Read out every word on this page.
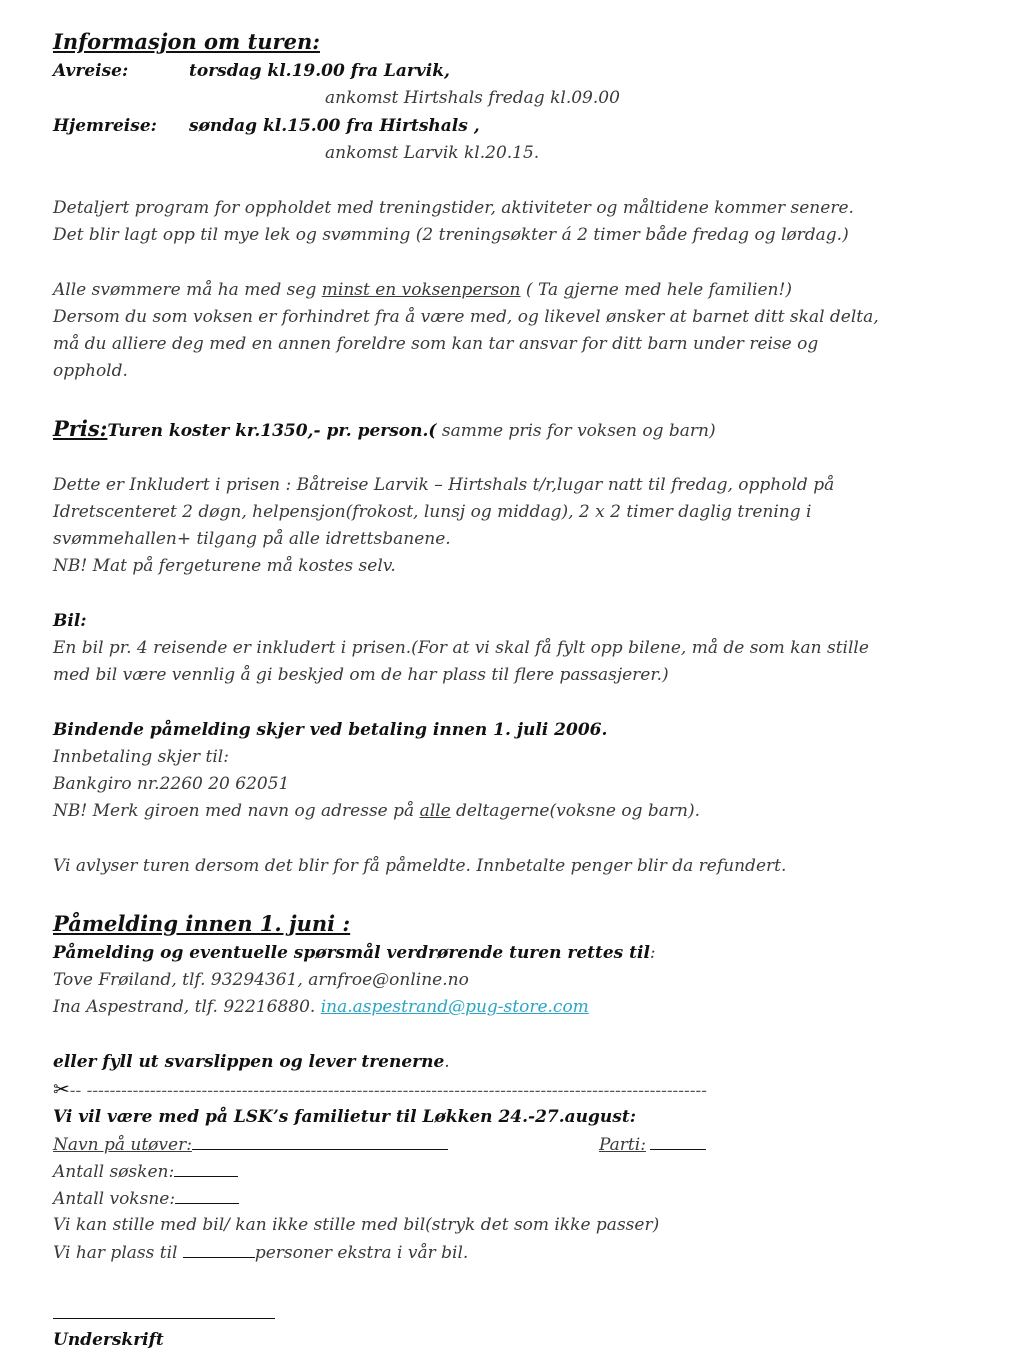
Informasjon om turen:
Avreise:	torsdag kl.19.00 fra Larvik,
ankomst Hirtshals fredag kl.09.00
Hjemreise: søndag kl.15.00 fra Hirtshals ,
ankomst Larvik kl.20.15.
Detaljert program for oppholdet med treningstider, aktiviteter og måltidene kommer senere.
Det blir lagt opp til mye lek og svømming (2 treningsøkter á 2 timer både fredag og lørdag.)
Alle svømmere må ha med seg minst en voksenperson ( Ta gjerne med hele familien!)
Dersom du som voksen er forhindret fra å være med, og likevel ønsker at barnet ditt skal delta,
må du alliere deg med en annen foreldre som kan tar ansvar for ditt barn under reise og
opphold.
Pris:Turen koster kr.1350,- pr. person.( samme pris for voksen og barn)
Dette er Inkludert i prisen : Båtreise Larvik – Hirtshals t/r,lugar natt til fredag, opphold på
Idretscenteret 2 døgn, helpensjon(frokost, lunsj og middag), 2 x 2 timer daglig trening i
svømmehallen+ tilgang på alle idrettsbanene.
NB! Mat på fergeturene må kostes selv.
Bil:
En bil pr. 4 reisende er inkludert i prisen.(For at vi skal få fylt opp bilene, må de som kan stille
med bil være vennlig å gi beskjed om de har plass til flere passasjerer.)
Bindende påmelding skjer ved betaling innen 1. juli 2006.
Innbetaling skjer til:
Bankgiro nr.2260 20 62051
NB! Merk giroen med navn og adresse på alle deltagerne(voksne og barn).
Vi avlyser turen dersom det blir for få påmeldte. Innbetalte penger blir da refundert.
Påmelding innen 1. juni :
Påmelding og eventuelle spørsmål verdrørende turen rettes til:
Tove Frøiland, tlf. 93294361, arnfroe@online.no
Ina Aspestrand, tlf. 92216880. ina.aspestrand@pug-store.com
eller fyll ut svarslippen og lever trenerne.
✂-- ------------------------------------------------------------------------------------------------------------
Vi vil være med på LSK’s familietur til Løkken 24.-27.august:
Navn på utøver:	Parti:
Antall søsken:
Antall voksne:
Vi kan stille med bil/ kan ikke stille med bil(stryk det som ikke passer)
Vi har plass til	personer ekstra i vår bil.
Underskrift
